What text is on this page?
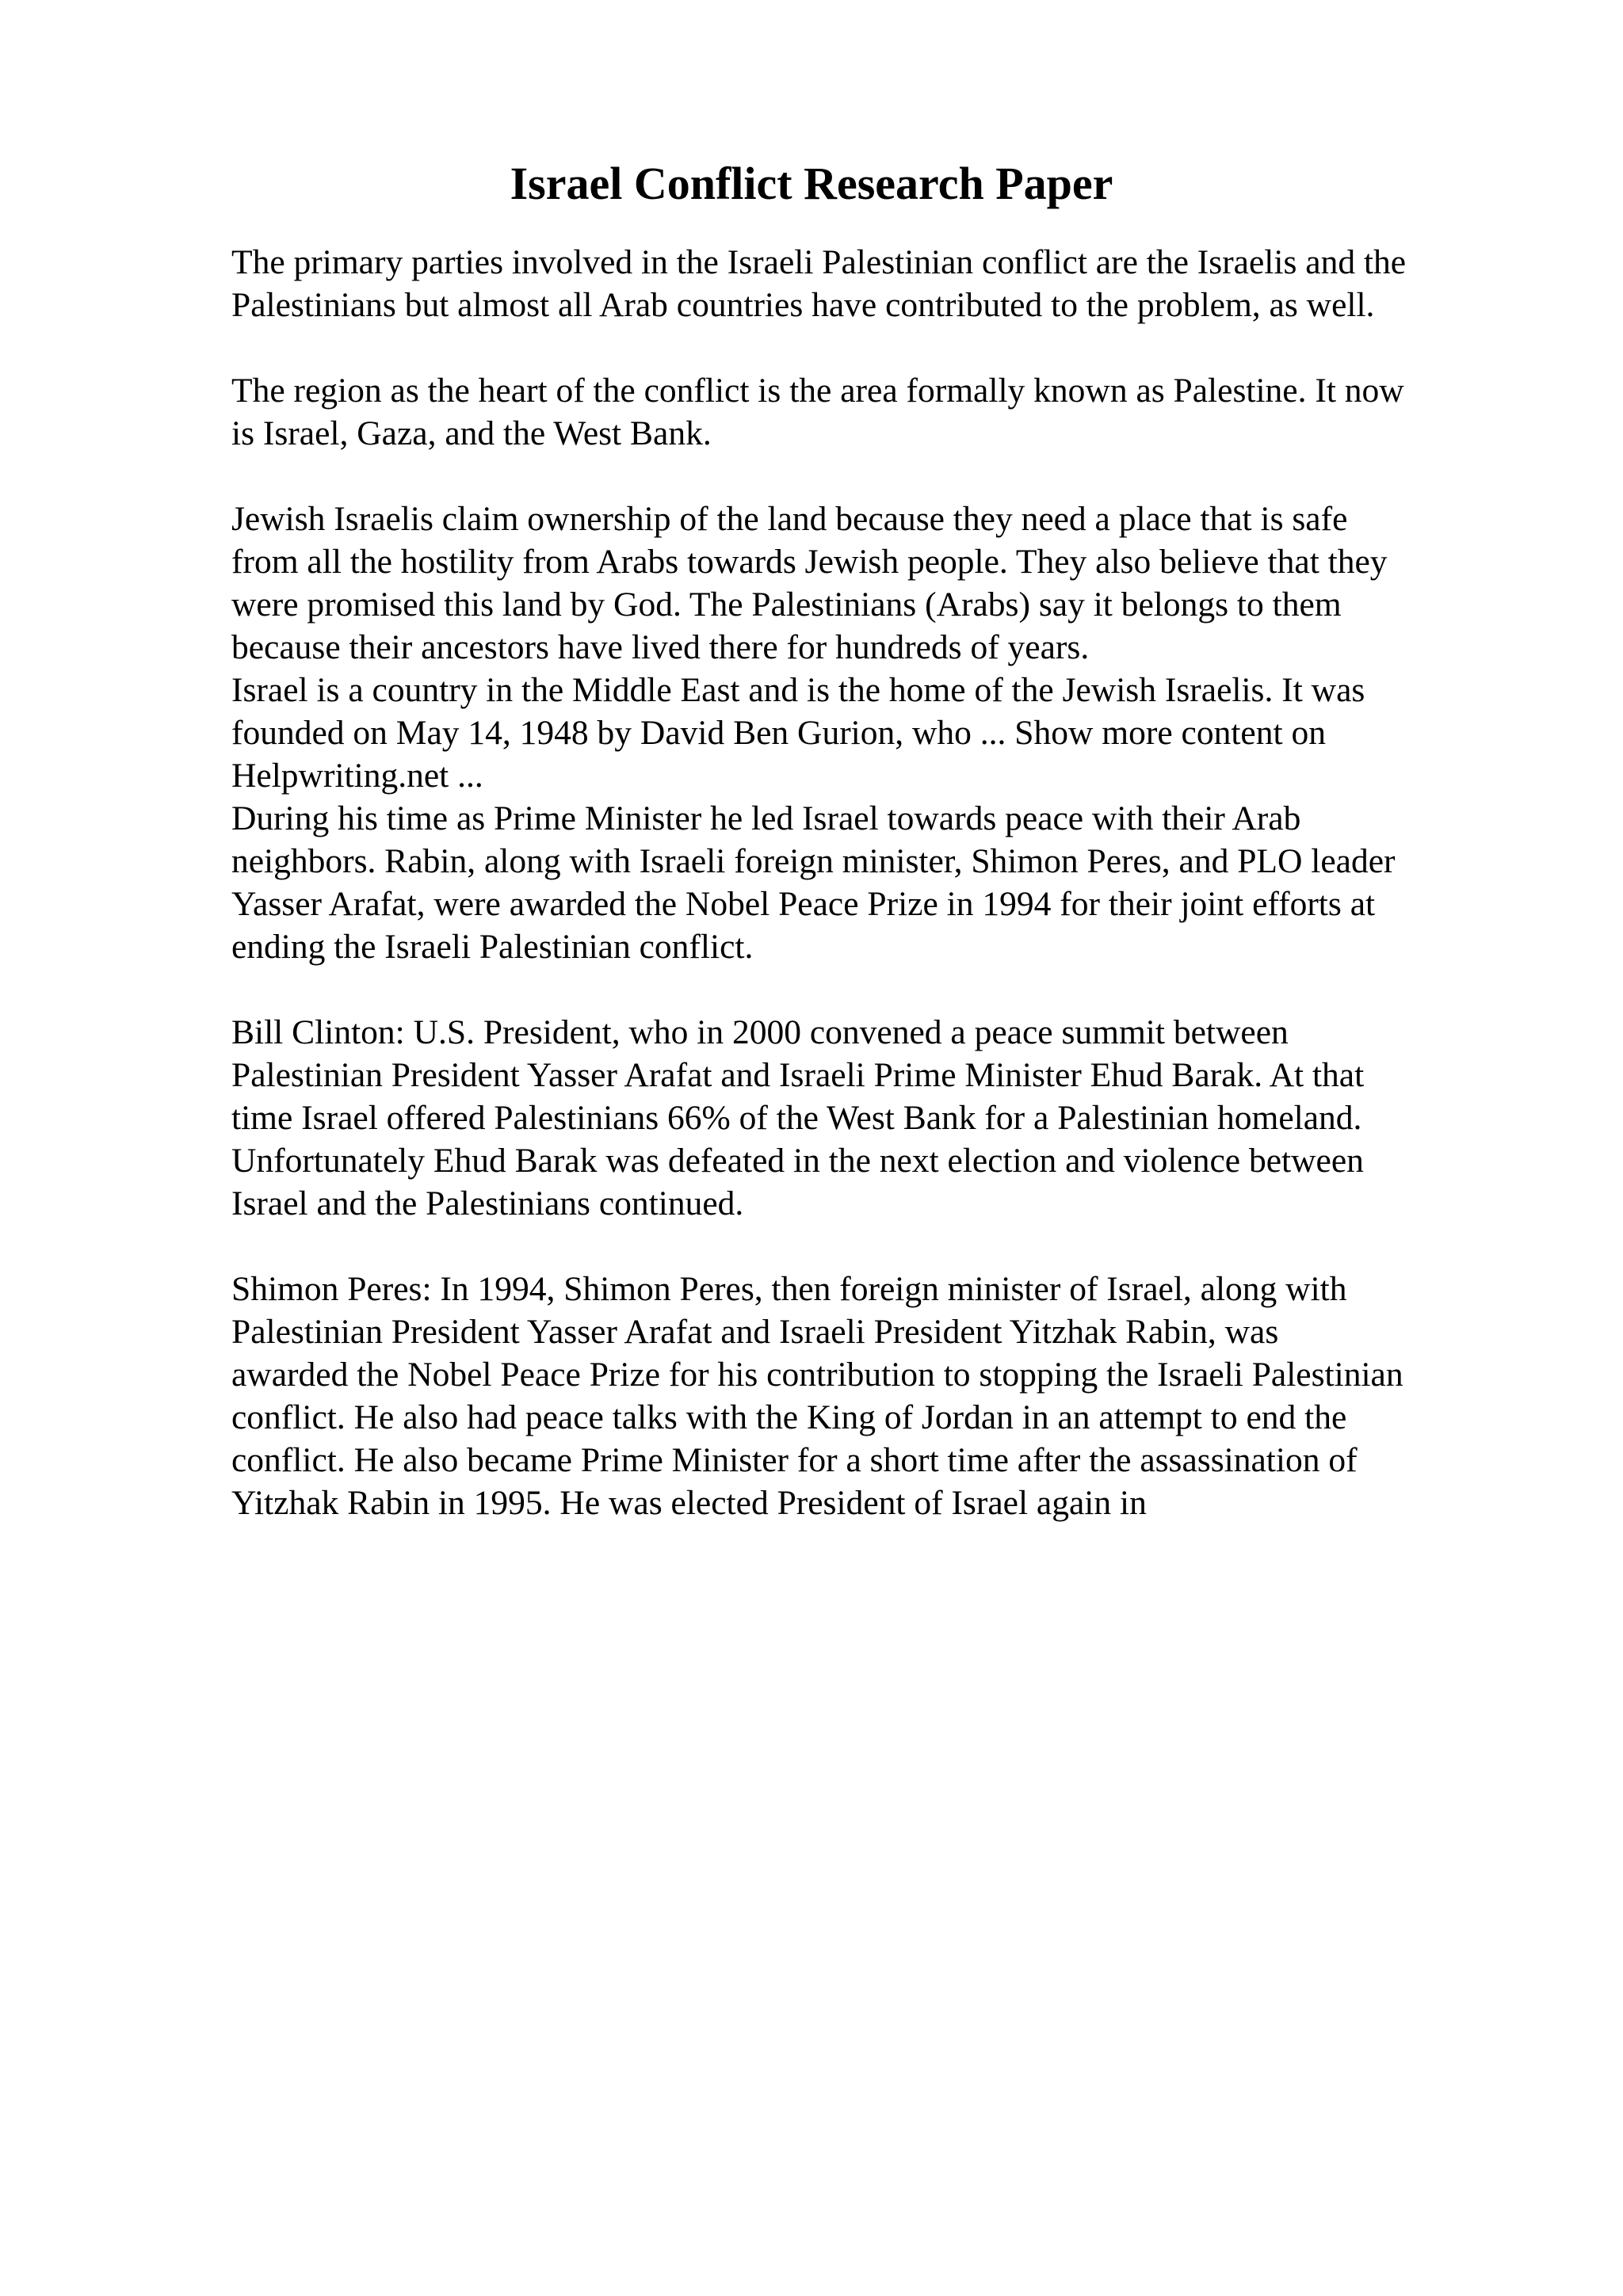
Israel Conflict Research Paper

The primary parties involved in the Israeli Palestinian conflict are the Israelis and the
Palestinians but almost all Arab countries have contributed to the problem, as well.

The region as the heart of the conflict is the area formally known as Palestine. It now
is Israel, Gaza, and the West Bank.

Jewish Israelis claim ownership of the land because they need a place that is safe
from all the hostility from Arabs towards Jewish people. They also believe that they
were promised this land by God. The Palestinians (Arabs) say it belongs to them
because their ancestors have lived there for hundreds of years.

Israel is a country in the Middle East and is the home of the Jewish Israelis. It was
founded on May 14, 1948 by David Ben Gurion, who ... Show more content on
Helpwriting.net ...

During his time as Prime Minister he led Israel towards peace with their Arab
neighbors. Rabin, along with Israeli foreign minister, Shimon Peres, and PLO leader
Yasser Arafat, were awarded the Nobel Peace Prize in 1994 for their joint efforts at
ending the Israeli Palestinian conflict.

Bill Clinton: U.S. President, who in 2000 convened a peace summit between
Palestinian President Yasser Arafat and Israeli Prime Minister Ehud Barak. At that
time Israel offered Palestinians 66% of the West Bank for a Palestinian homeland.
Unfortunately Ehud Barak was defeated in the next election and violence between
Israel and the Palestinians continued.

Shimon Peres: In 1994, Shimon Peres, then foreign minister of Israel, along with
Palestinian President Yasser Arafat and Israeli President Yitzhak Rabin, was
awarded the Nobel Peace Prize for his contribution to stopping the Israeli Palestinian
conflict. He also had peace talks with the King of Jordan in an attempt to end the
conflict. He also became Prime Minister for a short time after the assassination of
Yitzhak Rabin in 1995. He was elected President of Israel again in
